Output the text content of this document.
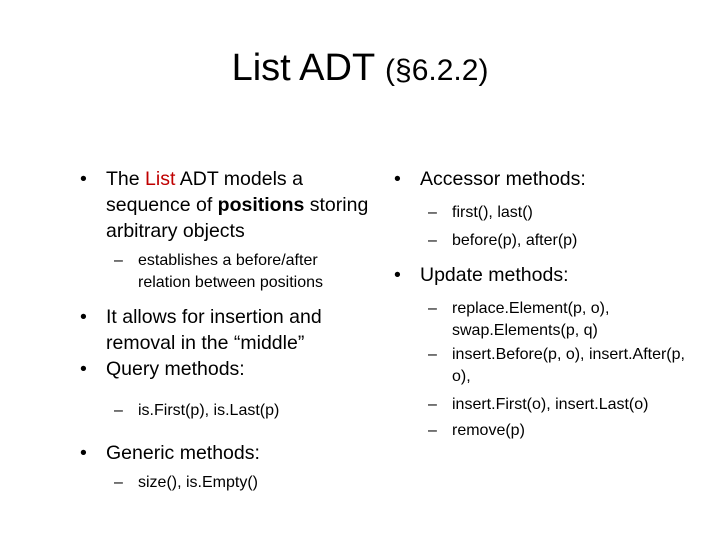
List ADT (§6.2.2)

• The List ADT models a sequence of positions storing arbitrary objects

– establishes a before/after relation between positions

• It allows for insertion and removal in the “middle”

• Query methods:

– is.First(p), is.Last(p)

• Generic methods:

– size(), is.Empty()

• Accessor methods:

– first(), last()

– before(p), after(p)

• Update methods:

– replace.Element(p, o), swap.Elements(p, q)

– insert.Before(p, o), insert.After(p, o),

– insert.First(o), insert.Last(o)

– remove(p)
